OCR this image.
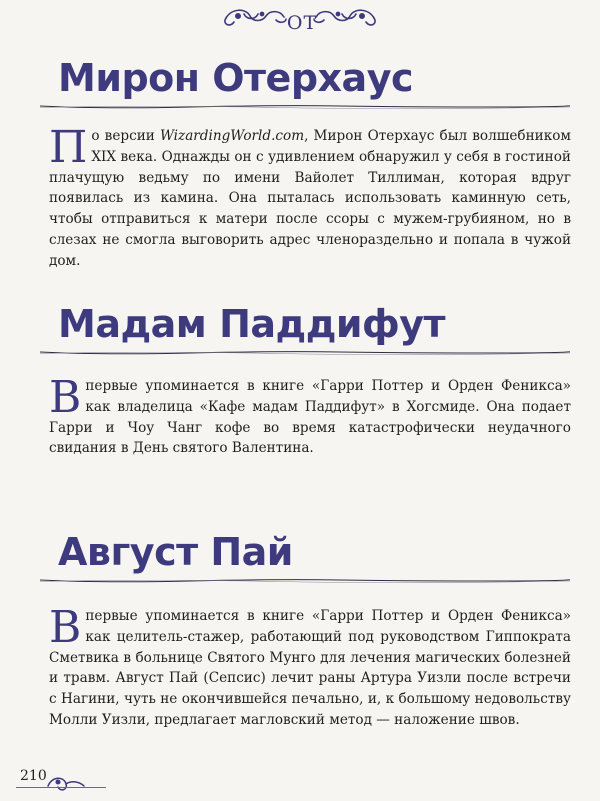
ОТ
Мирон Отерхаус
По версии WizardingWorld.com, Мирон Отерхаус был волшебником XIX века. Однажды он с удивлением обнаружил у себя в гостиной плачущую ведьму по имени Вайолет Тиллиман, которая вдруг появилась из камина. Она пыталась использовать каминную сеть, чтобы отправиться к матери после ссоры с мужем-грубияном, но в слезах не смогла выговорить адрес членораздельно и попала в чужой дом.
Мадам Паддифут
Впервые упоминается в книге «Гарри Поттер и Орден Феникса» как владелица «Кафе мадам Паддифут» в Хогсмиде. Она подает Гарри и Чоу Чанг кофе во время катастрофически неудачного свидания в День святого Валентина.
Август Пай
Впервые упоминается в книге «Гарри Поттер и Орден Феникса» как целитель-стажер, работающий под руководством Гиппократа Сметвика в больнице Святого Мунго для лечения магических болезней и травм. Август Пай (Сепсис) лечит раны Артура Уизли после встречи с Нагини, чуть не окончившейся печально, и, к большому недовольству Молли Уизли, предлагает магловский метод — наложение швов.
210
